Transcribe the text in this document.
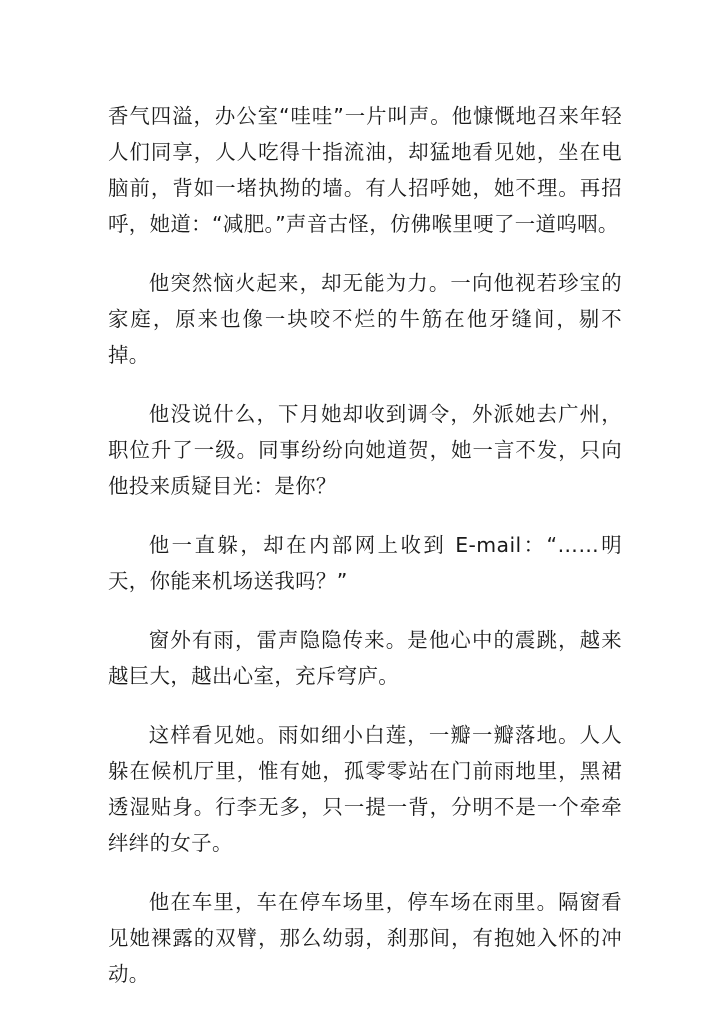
香气四溢，办公室“哇哇”一片叫声。他慷慨地召来年轻人们同享，人人吃得十指流油，却猛地看见她，坐在电脑前，背如一堵执拗的墙。有人招呼她，她不理。再招呼，她道：“减肥。”声音古怪，仿佛喉里哽了一道呜咽。

他突然恼火起来，却无能为力。一向他视若珍宝的家庭，原来也像一块咬不烂的牛筋在他牙缝间，剔不掉。

他没说什么，下月她却收到调令，外派她去广州，职位升了一级。同事纷纷向她道贺，她一言不发，只向他投来质疑目光：是你？

他一直躲，却在内部网上收到 E-mail：“……明天，你能来机场送我吗？”

窗外有雨，雷声隐隐传来。是他心中的震跳，越来越巨大，越出心室，充斥穹庐。

这样看见她。雨如细小白莲，一瓣一瓣落地。人人躲在候机厅里，惟有她，孤零零站在门前雨地里，黑裙透湿贴身。行李无多，只一提一背，分明不是一个牵牵绊绊的女子。

他在车里，车在停车场里，停车场在雨里。隔窗看见她裸露的双臂，那么幼弱，刹那间，有抱她入怀的冲动。
